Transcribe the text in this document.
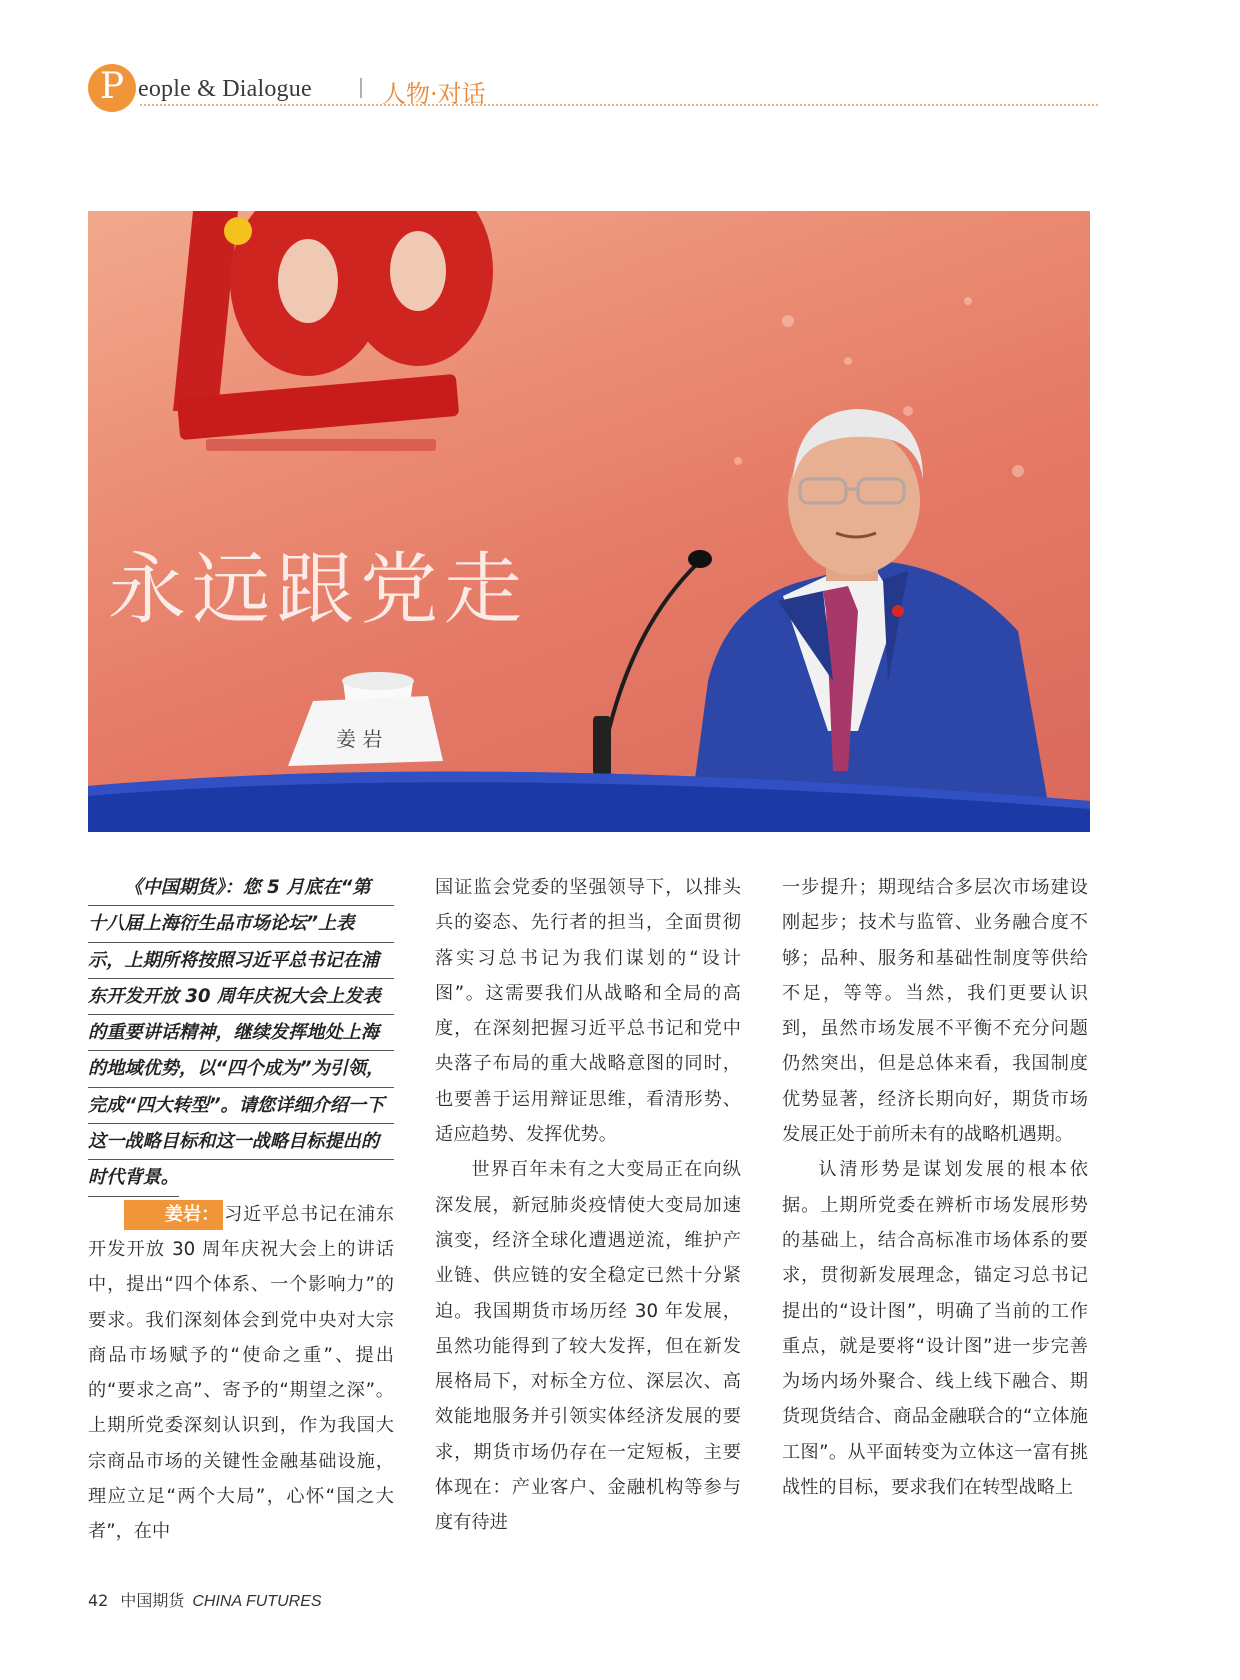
P eople & Dialogue	人物·对话
永远跟党走
姜 岩
《中国期货》：您 5 月底在“第
十八届上海衍生品市场论坛”上表
示，上期所将按照习近平总书记在浦
东开发开放 30 周年庆祝大会上发表
的重要讲话精神，继续发挥地处上海
的地域优势，以“四个成为”为引领，
完成“四大转型”。请您详细介绍一下
这一战略目标和这一战略目标提出的
时代背景。

姜岩： 习近平总书记在浦东开发开放 30 周年庆祝大会上的讲话中，提出“四个体系、一个影响力”的要求。我们深刻体会到党中央对大宗商品市场赋予的“使命之重”、提出的“要求之高”、寄予的“期望之深”。上期所党委深刻认识到，作为我国大宗商品市场的关键性金融基础设施，理应立足“两个大局”，心怀“国之大者”，在中

国证监会党委的坚强领导下，以排头兵的姿态、先行者的担当，全面贯彻落实习总书记为我们谋划的“设计图”。这需要我们从战略和全局的高度，在深刻把握习近平总书记和党中央落子布局的重大战略意图的同时，也要善于运用辩证思维，看清形势、适应趋势、发挥优势。

世界百年未有之大变局正在向纵深发展，新冠肺炎疫情使大变局加速演变，经济全球化遭遇逆流，维护产业链、供应链的安全稳定已然十分紧迫。我国期货市场历经 30 年发展，虽然功能得到了较大发挥，但在新发展格局下，对标全方位、深层次、高效能地服务并引领实体经济发展的要求，期货市场仍存在一定短板，主要体现在：产业客户、金融机构等参与度有待进

一步提升；期现结合多层次市场建设刚起步；技术与监管、业务融合度不够；品种、服务和基础性制度等供给不足，等等。当然，我们更要认识到，虽然市场发展不平衡不充分问题仍然突出，但是总体来看，我国制度优势显著，经济长期向好，期货市场发展正处于前所未有的战略机遇期。

认清形势是谋划发展的根本依据。上期所党委在辨析市场发展形势的基础上，结合高标准市场体系的要求，贯彻新发展理念，锚定习总书记提出的“设计图”，明确了当前的工作重点，就是要将“设计图”进一步完善为场内场外聚合、线上线下融合、期货现货结合、商品金融联合的“立体施工图”。从平面转变为立体这一富有挑战性的目标，要求我们在转型战略上

42 中国期货 CHINA FUTURES
